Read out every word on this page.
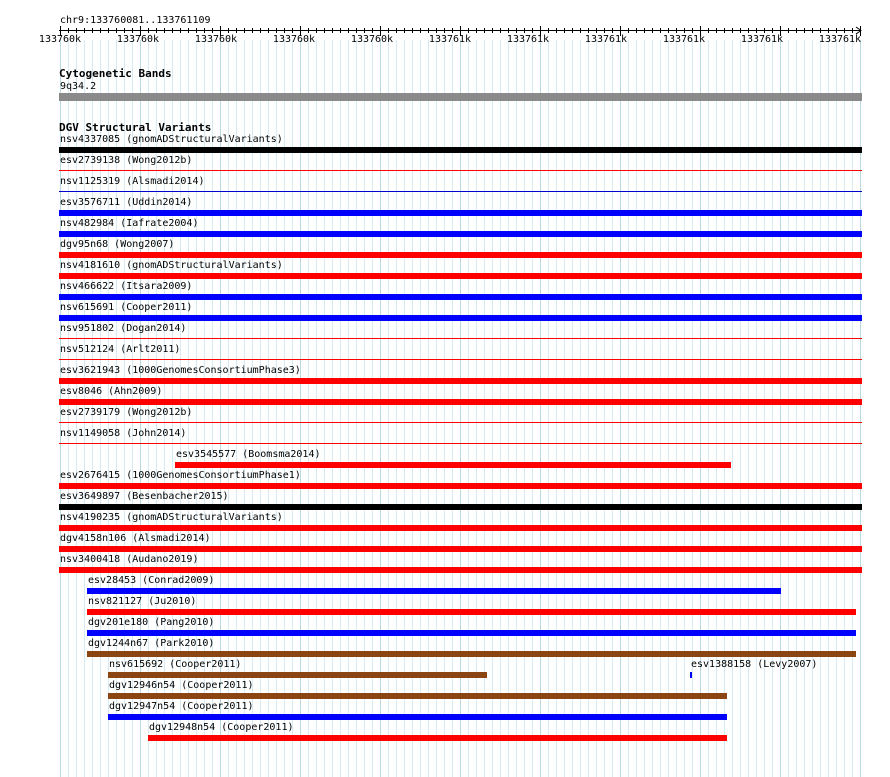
chr9:133760081..133761109
133760k	133760k	133760k	133760k	133760k	133761k	133761k	133761k	133761k	133761k	133761k
Cytogenetic Bands
9q34.2
DGV Structural Variants
nsv4337085 (gnomADStructuralVariants)
esv2739138 (Wong2012b)
nsv1125319 (Alsmadi2014)
esv3576711 (Uddin2014)
nsv482984 (Iafrate2004)
dgv95n68 (Wong2007)
nsv4181610 (gnomADStructuralVariants)
nsv466622 (Itsara2009)
nsv615691 (Cooper2011)
nsv951802 (Dogan2014)
nsv512124 (Arlt2011)
esv3621943 (1000GenomesConsortiumPhase3)
esv8046 (Ahn2009)
esv2739179 (Wong2012b)
nsv1149058 (John2014)
esv3545577 (Boomsma2014)
esv2676415 (1000GenomesConsortiumPhase1)
esv3649897 (Besenbacher2015)
nsv4190235 (gnomADStructuralVariants)
dgv4158n106 (Alsmadi2014)
nsv3400418 (Audano2019)
esv28453 (Conrad2009)
nsv821127 (Ju2010)
dgv201e180 (Pang2010)
dgv1244n67 (Park2010)
nsv615692 (Cooper2011)	esv1388158 (Levy2007)
dgv12946n54 (Cooper2011)
dgv12947n54 (Cooper2011)
dgv12948n54 (Cooper2011)
